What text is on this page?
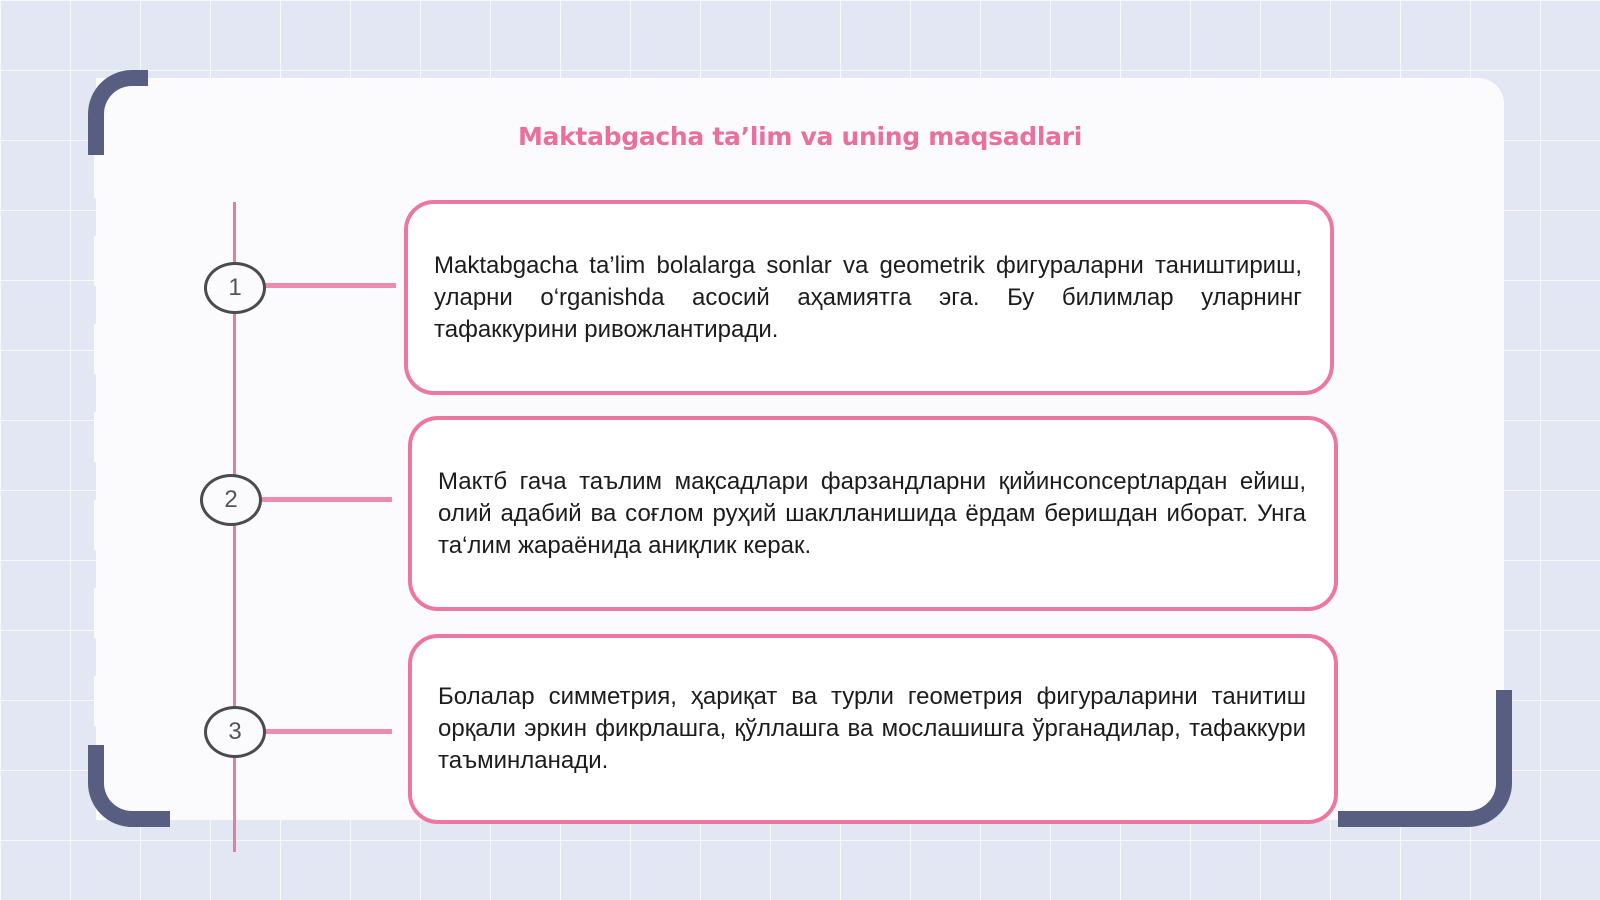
Maktabgacha ta’lim va uning maqsadlari
1

Maktabgacha ta’lim bolalarga sonlar va geometrik фигураларни таништириш, уларни o‘rganishda асосий аҳамиятга эга. Бу билимлар уларнинг тафаккурини ривожлантиради.

2

Мактб гача таълим мақсадлари фарзандларни қийинconceptлардан ейиш, олий адабий ва соғлом руҳий шаклланишида ёрдам беришдан иборат. Унга та‘лим жараёнида аниқлик керак.

3

Болалар симметрия, ҳариқат ва турли геометрия фигураларини танитиш орқали эркин фикрлашга, қўллашга ва мослашишга ўрганадилар, тафаккури таъминланади.
